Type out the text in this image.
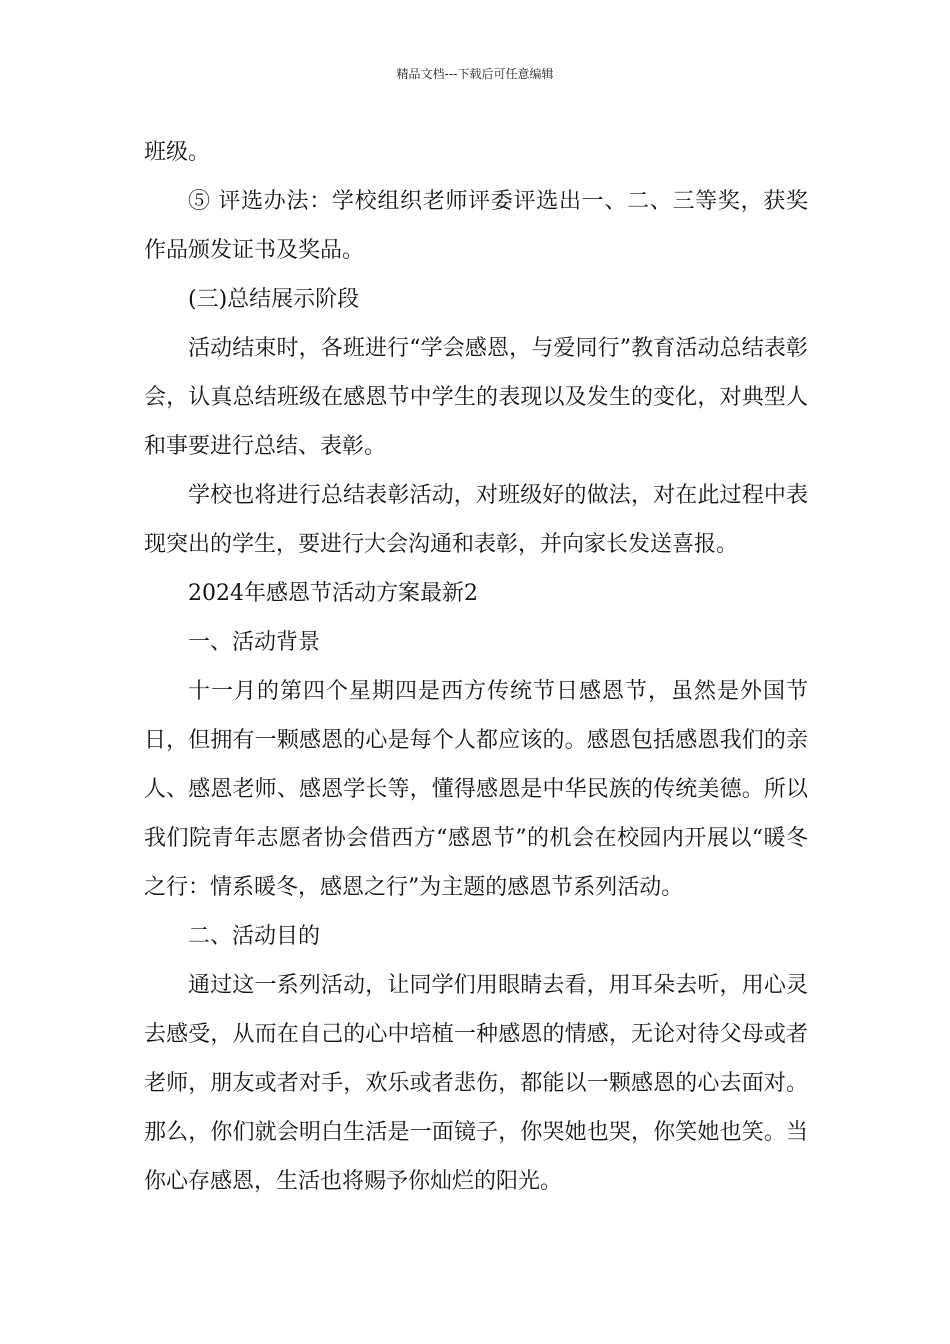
精品文档---下载后可任意编辑

班级。

⑤ 评选办法：学校组织老师评委评选出一、二、三等奖，获奖作品颁发证书及奖品。

(三)总结展示阶段

活动结束时，各班进行“学会感恩，与爱同行”教育活动总结表彰会，认真总结班级在感恩节中学生的表现以及发生的变化，对典型人和事要进行总结、表彰。

学校也将进行总结表彰活动，对班级好的做法，对在此过程中表现突出的学生，要进行大会沟通和表彰，并向家长发送喜报。

2024年感恩节活动方案最新2

一、活动背景

十一月的第四个星期四是西方传统节日感恩节，虽然是外国节日，但拥有一颗感恩的心是每个人都应该的。感恩包括感恩我们的亲人、感恩老师、感恩学长等，懂得感恩是中华民族的传统美德。所以我们院青年志愿者协会借西方“感恩节”的机会在校园内开展以“暖冬之行：情系暖冬，感恩之行”为主题的感恩节系列活动。

二、活动目的

通过这一系列活动，让同学们用眼睛去看，用耳朵去听，用心灵去感受，从而在自己的心中培植一种感恩的情感，无论对待父母或者老师，朋友或者对手，欢乐或者悲伤，都能以一颗感恩的心去面对。那么，你们就会明白生活是一面镜子，你哭她也哭，你笑她也笑。当你心存感恩，生活也将赐予你灿烂的阳光。
